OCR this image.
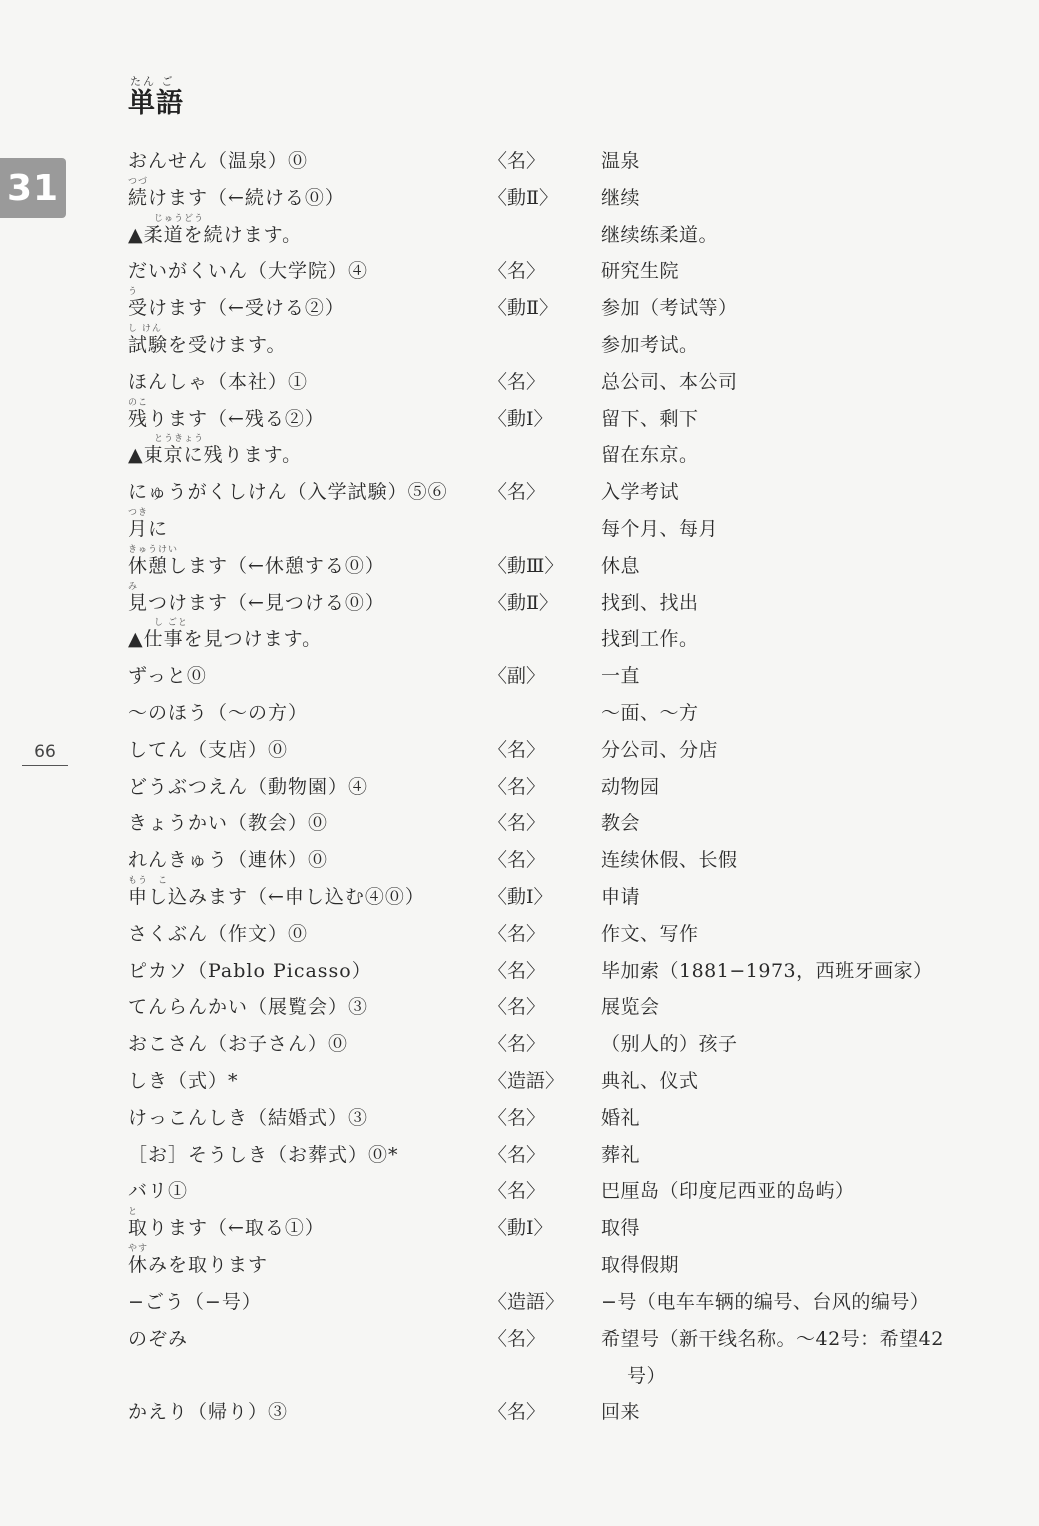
31
66
たん ご
単語
おんせん（温泉）⓪	〈名〉	温泉
つづ
続けます（←続ける⓪）	〈動Ⅱ〉 继续
じゅうどう
▲柔道を続けます。	继续练柔道。
だいがくいん（大学院）④	〈名〉	研究生院
う
受けます（←受ける②）	〈動Ⅱ〉 参加（考试等）
し けん
試験を受けます。	参加考试。
ほんしゃ（本社）①	〈名〉	总公司、本公司
のこ
残ります（←残る②）	〈動Ⅰ〉	留下、剩下
とうきょう
▲東京に残ります。	留在东京。
にゅうがくしけん（入学試験）⑤⑥ 〈名〉	入学考试
つき
月に	每个月、每月
きゅうけい
休憩します（←休憩する⓪）	〈動Ⅲ〉 休息
み
見つけます（←見つける⓪）	〈動Ⅱ〉 找到、找出
し ごと
▲仕事を見つけます。	找到工作。
ずっと⓪	〈副〉	一直
～のほう（～の方）	～面、～方
してん（支店）⓪	〈名〉	分公司、分店
どうぶつえん（動物園）④	〈名〉	动物园
きょうかい（教会）⓪	〈名〉	教会
れんきゅう（連休）⓪	〈名〉	连续休假、长假
もう　こ
申し込みます（←申し込む④⓪）	〈動Ⅰ〉	申请
さくぶん（作文）⓪	〈名〉	作文、写作
ピカソ（Pablo Picasso）	〈名〉	毕加索（1881−1973，西班牙画家）
てんらんかい（展覧会）③	〈名〉	展览会
おこさん（お子さん）⓪	〈名〉	（别人的）孩子
しき（式）*	〈造語〉 典礼、仪式
けっこんしき（結婚式）③	〈名〉	婚礼
［お］そうしき（お葬式）⓪*	〈名〉	葬礼
バリ①	〈名〉	巴厘岛（印度尼西亚的岛屿）
と
取ります（←取る①）	〈動Ⅰ〉	取得
やす
休みを取ります	取得假期
−ごう（−号）	〈造語〉 −号（电车车辆的编号、台风的编号）
のぞみ	〈名〉	希望号（新干线名称。～42号：希望42
号）
かえり（帰り）③	〈名〉	回来
